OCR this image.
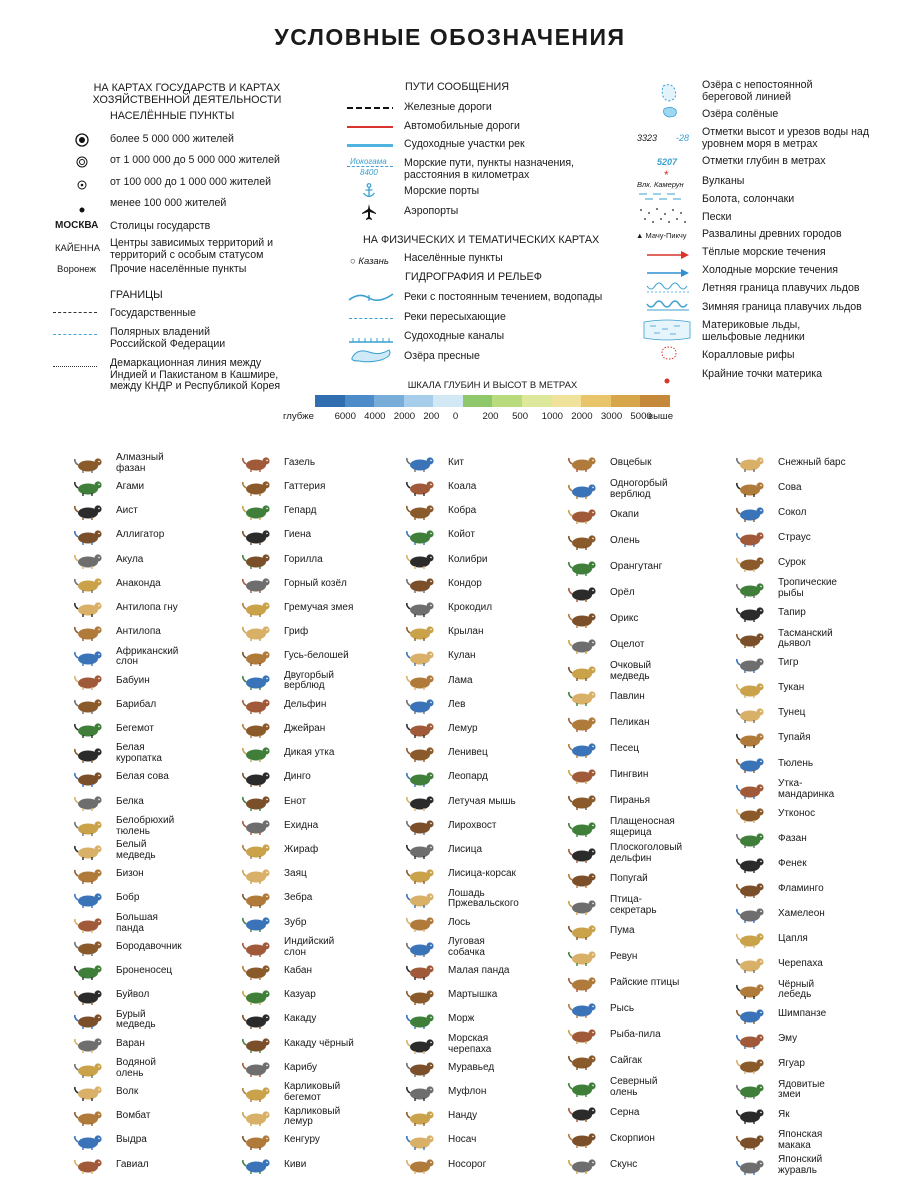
УСЛОВНЫЕ ОБОЗНАЧЕНИЯ
НА КАРТАХ ГОСУДАРСТВ И КАРТАХ ХОЗЯЙСТВЕННОЙ ДЕЯТЕЛЬНОСТИ
НАСЕЛЁННЫЕ ПУНКТЫ
более 5 000 000 жителей
от 1 000 000 до 5 000 000 жителей
от 100 000 до 1 000 000 жителей
менее 100 000 жителей
МОСКВА Столицы государств
КАЙЕННА Центры зависимых территорий и территорий с особым статусом
Воронеж Прочие населённые пункты
ГРАНИЦЫ
Государственные
Полярных владений Российской Федерации
Демаркационная линия между Индией и Пакистаном в Кашмире, между КНДР и Республикой Корея
ПУТИ СООБЩЕНИЯ
Железные дороги
Автомобильные дороги
Судоходные участки рек
Иокогама
8400
Морские пути, пункты назначения, расстояния в километрах
Морские порты
Аэропорты
НА ФИЗИЧЕСКИХ И ТЕМАТИЧЕСКИХ КАРТАХ
○ Казань Населённые пункты
ГИДРОГРАФИЯ И РЕЛЬЕФ
Реки с постоянным течением, водопады
Реки пересыхающие
Судоходные каналы
Озёра пресные
Озёра с непостоянной береговой линией
Озёра солёные
3323 -28 Отметки высот и урезов воды над уровнем моря в метрах
5207 Отметки глубин в метрах
*
Влк. Камерун Вулканы
Болота, солончаки
Пески
▲ Мачу-Пикчу Развалины древних городов
Тёплые морские течения
Холодные морские течения
Летняя граница плавучих льдов
Зимняя граница плавучих льдов
Материковые льды, шельфовые ледники
Коралловые рифы
Крайние точки материка
ШКАЛА ГЛУБИН И ВЫСОТ В МЕТРАХ
глубже 6000 4000 2000 200 0	200 500 1000 2000 3000 5000
выше
Алмазный фазан
Агами
Аист
Аллигатор
Акула
Анаконда
Антилопа гну
Антилопа
Африканский слон
Бабуин
Барибал
Бегемот
Белая куропатка
Белая сова
Белка
Белобрюхий тюлень
Белый медведь
Бизон
Бобр
Большая панда
Бородавочник
Броненосец
Буйвол
Бурый медведь
Варан
Водяной олень
Волк
Вомбат
Выдра
Гавиал
Газель
Гаттерия
Гепард
Гиена
Горилла
Горный козёл
Гремучая змея
Гриф
Гусь-белошей
Двугорбый верблюд
Дельфин
Джейран
Дикая утка
Динго
Енот
Ехидна
Жираф
Заяц
Зебра
Зубр
Индийский слон
Кабан
Казуар
Какаду
Какаду чёрный
Карибу
Карликовый бегемот
Карликовый лемур
Кенгуру
Киви
Кит
Коала
Кобра
Койот
Колибри
Кондор
Крокодил
Крылан
Кулан
Лама
Лев
Лемур
Ленивец
Леопард
Летучая мышь
Лирохвост
Лисица
Лисица-корсак
Лошадь Пржевальского
Лось
Луговая собачка
Малая панда
Мартышка
Морж
Морская черепаха
Муравьед
Муфлон
Нанду
Носач
Носорог
Овцебык
Одногорбый верблюд
Окапи
Олень
Орангутанг
Орёл
Орикс
Оцелот
Очковый медведь
Павлин
Пеликан
Песец
Пингвин
Пиранья
Плащеносная ящерица
Плоскоголовый дельфин
Попугай
Птица-секретарь
Пума
Ревун
Райские птицы
Рысь
Рыба-пила
Сайгак
Северный олень
Серна
Скорпион
Скунс
Снежный барс
Сова
Сокол
Страус
Сурок
Тропические рыбы
Тапир
Тасманский дьявол
Тигр
Тукан
Тунец
Тупайя
Тюлень
Утка-мандаринка
Утконос
Фазан
Фенек
Фламинго
Хамелеон
Цапля
Черепаха
Чёрный лебедь
Шимпанзе
Эму
Ягуар
Ядовитые змеи
Як
Японская макака
Японский журавль
